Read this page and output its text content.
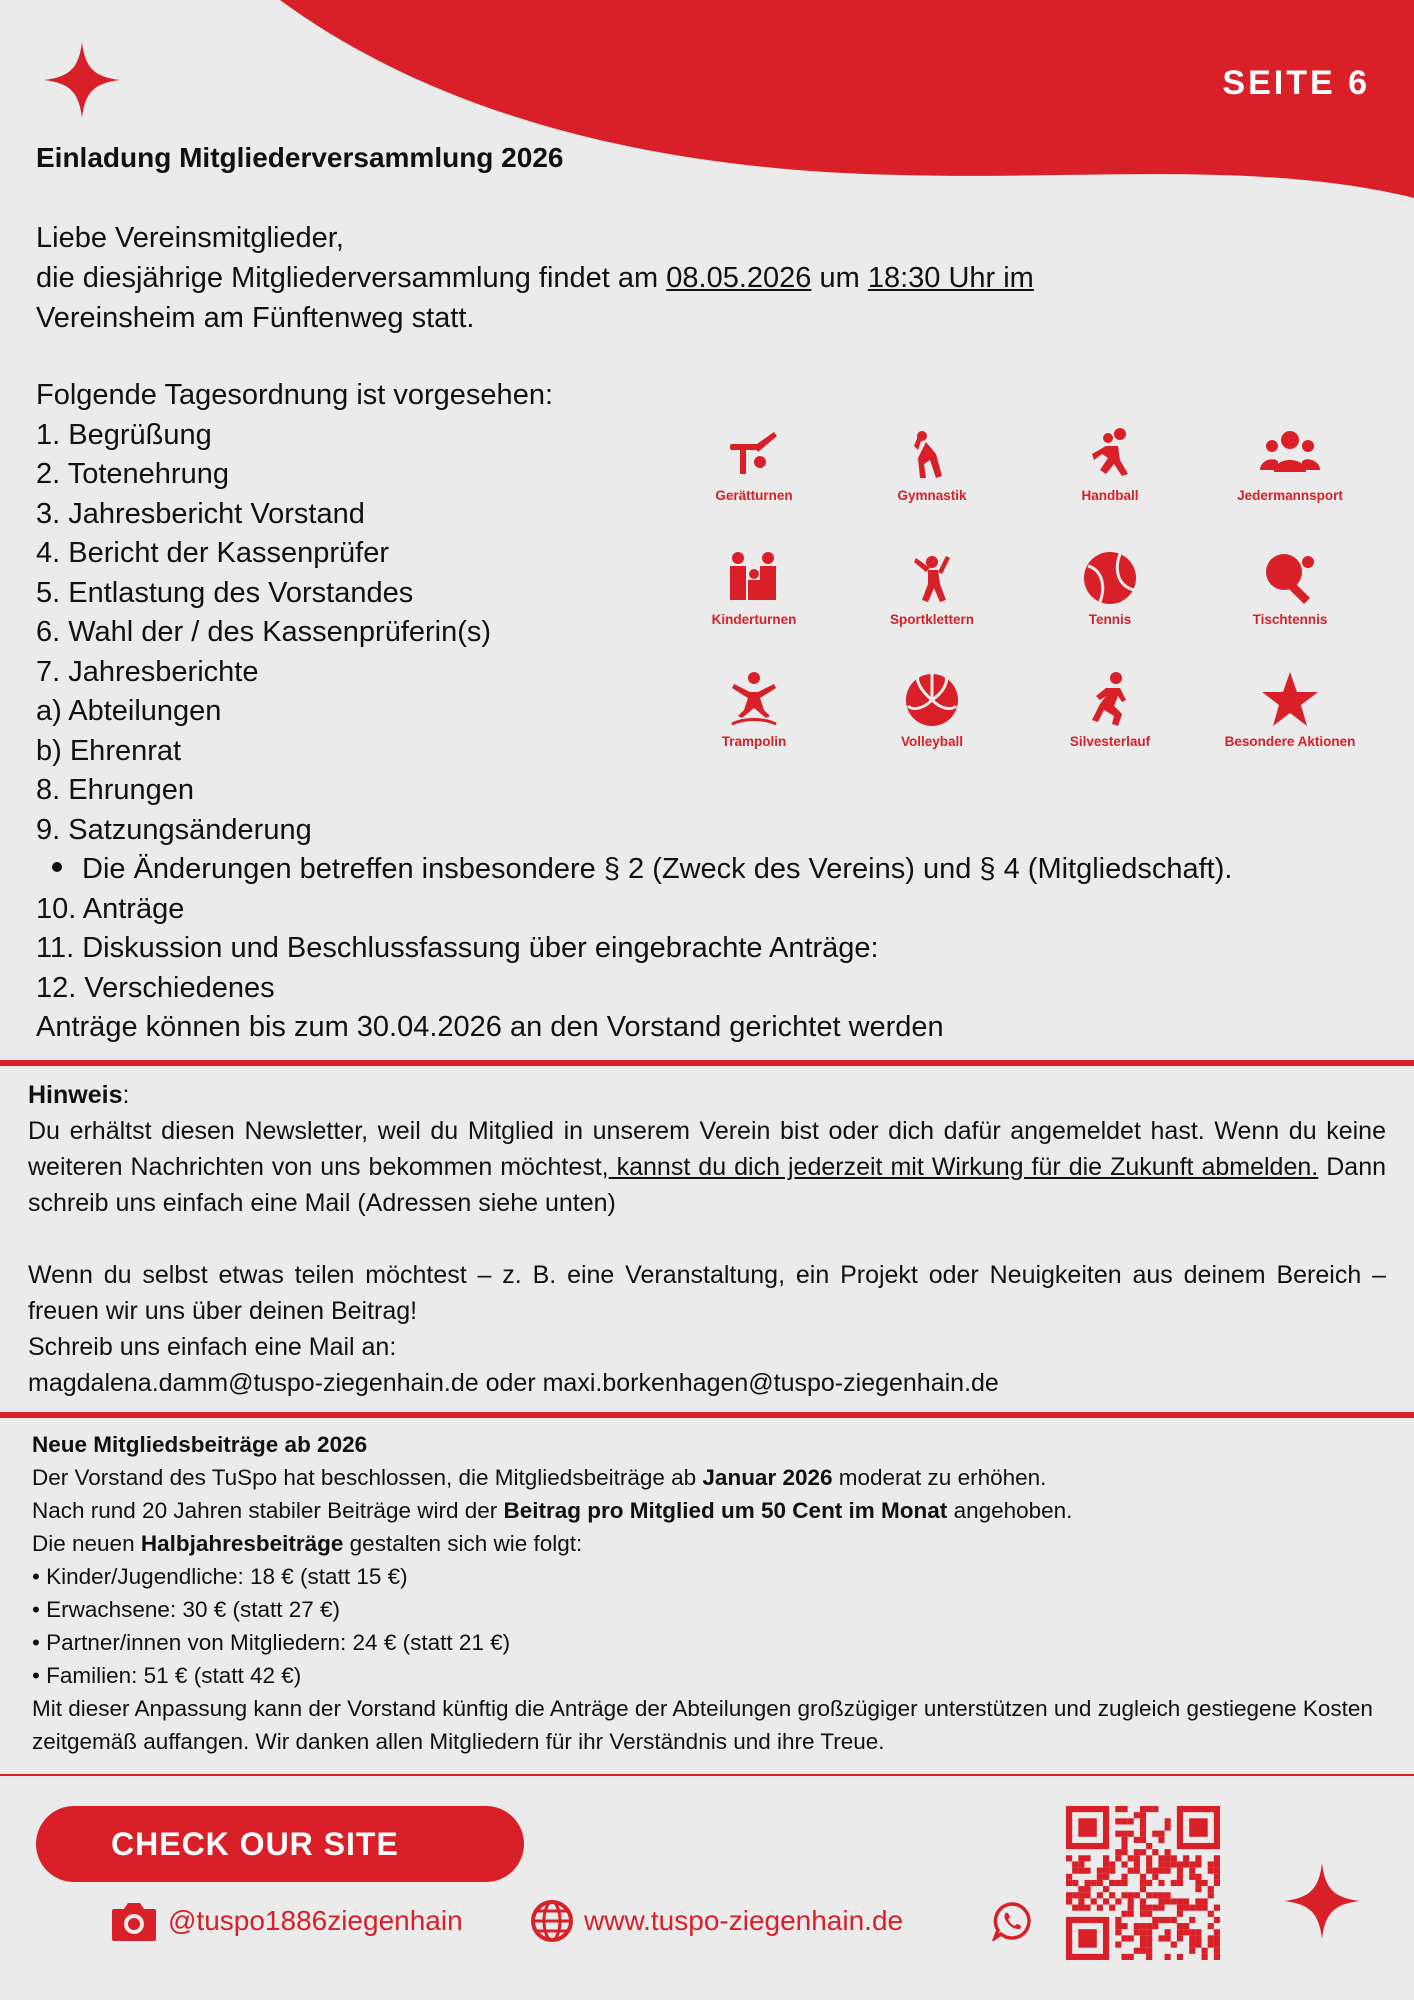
SEITE 6
Einladung Mitgliederversammlung 2026

Liebe Vereinsmitglieder,

die diesjährige Mitgliederversammlung findet am 08.05.2026 um 18:30 Uhr im

Vereinsheim am Fünftenweg statt.

Folgende Tagesordnung ist vorgesehen:
1. Begrüßung
2. Totenehrung
3. Jahresbericht Vorstand
4. Bericht der Kassenprüfer
5. Entlastung des Vorstandes
6. Wahl der / des Kassenprüferin(s)
7. Jahresberichte
a) Abteilungen
b) Ehrenrat
8. Ehrungen
9. Satzungsänderung
Die Änderungen betreffen insbesondere § 2 (Zweck des Vereins) und § 4 (Mitgliedschaft).
10. Anträge
11. Diskussion und Beschlussfassung über eingebrachte Anträge:
12. Verschiedenes
Anträge können bis zum 30.04.2026 an den Vorstand gerichtet werden
Gerätturnen	Gymnastik	Handball	Jedermannsport
Kinderturnen	Sportklettern	Tennis	Tischtennis
Trampolin	Volleyball	Silvesterlauf	Besondere Aktionen

Hinweis:

Du erhältst diesen Newsletter, weil du Mitglied in unserem Verein bist oder dich dafür angemeldet hast. Wenn du keine weiteren Nachrichten von uns bekommen möchtest, kannst du dich jederzeit mit Wirkung für die Zukunft abmelden. Dann schreib uns einfach eine Mail (Adressen siehe unten)

Wenn du selbst etwas teilen möchtest – z. B. eine Veranstaltung, ein Projekt oder Neuigkeiten aus deinem Bereich – freuen wir uns über deinen Beitrag!

Schreib uns einfach eine Mail an:

magdalena.damm@tuspo-ziegenhain.de oder maxi.borkenhagen@tuspo-ziegenhain.de

Neue Mitgliedsbeiträge ab 2026

Der Vorstand des TuSpo hat beschlossen, die Mitgliedsbeiträge ab Januar 2026 moderat zu erhöhen.

Nach rund 20 Jahren stabiler Beiträge wird der Beitrag pro Mitglied um 50 Cent im Monat angehoben.

Die neuen Halbjahresbeiträge gestalten sich wie folgt:

• Kinder/Jugendliche: 18 € (statt 15 €)

• Erwachsene: 30 € (statt 27 €)

• Partner/innen von Mitgliedern: 24 € (statt 21 €)

• Familien: 51 € (statt 42 €)

Mit dieser Anpassung kann der Vorstand künftig die Anträge der Abteilungen großzügiger unterstützen und zugleich gestiegene Kosten zeitgemäß auffangen. Wir danken allen Mitgliedern für ihr Verständnis und ihre Treue.

CHECK OUR SITE
@tuspo1886ziegenhain	www.tuspo-ziegenhain.de
